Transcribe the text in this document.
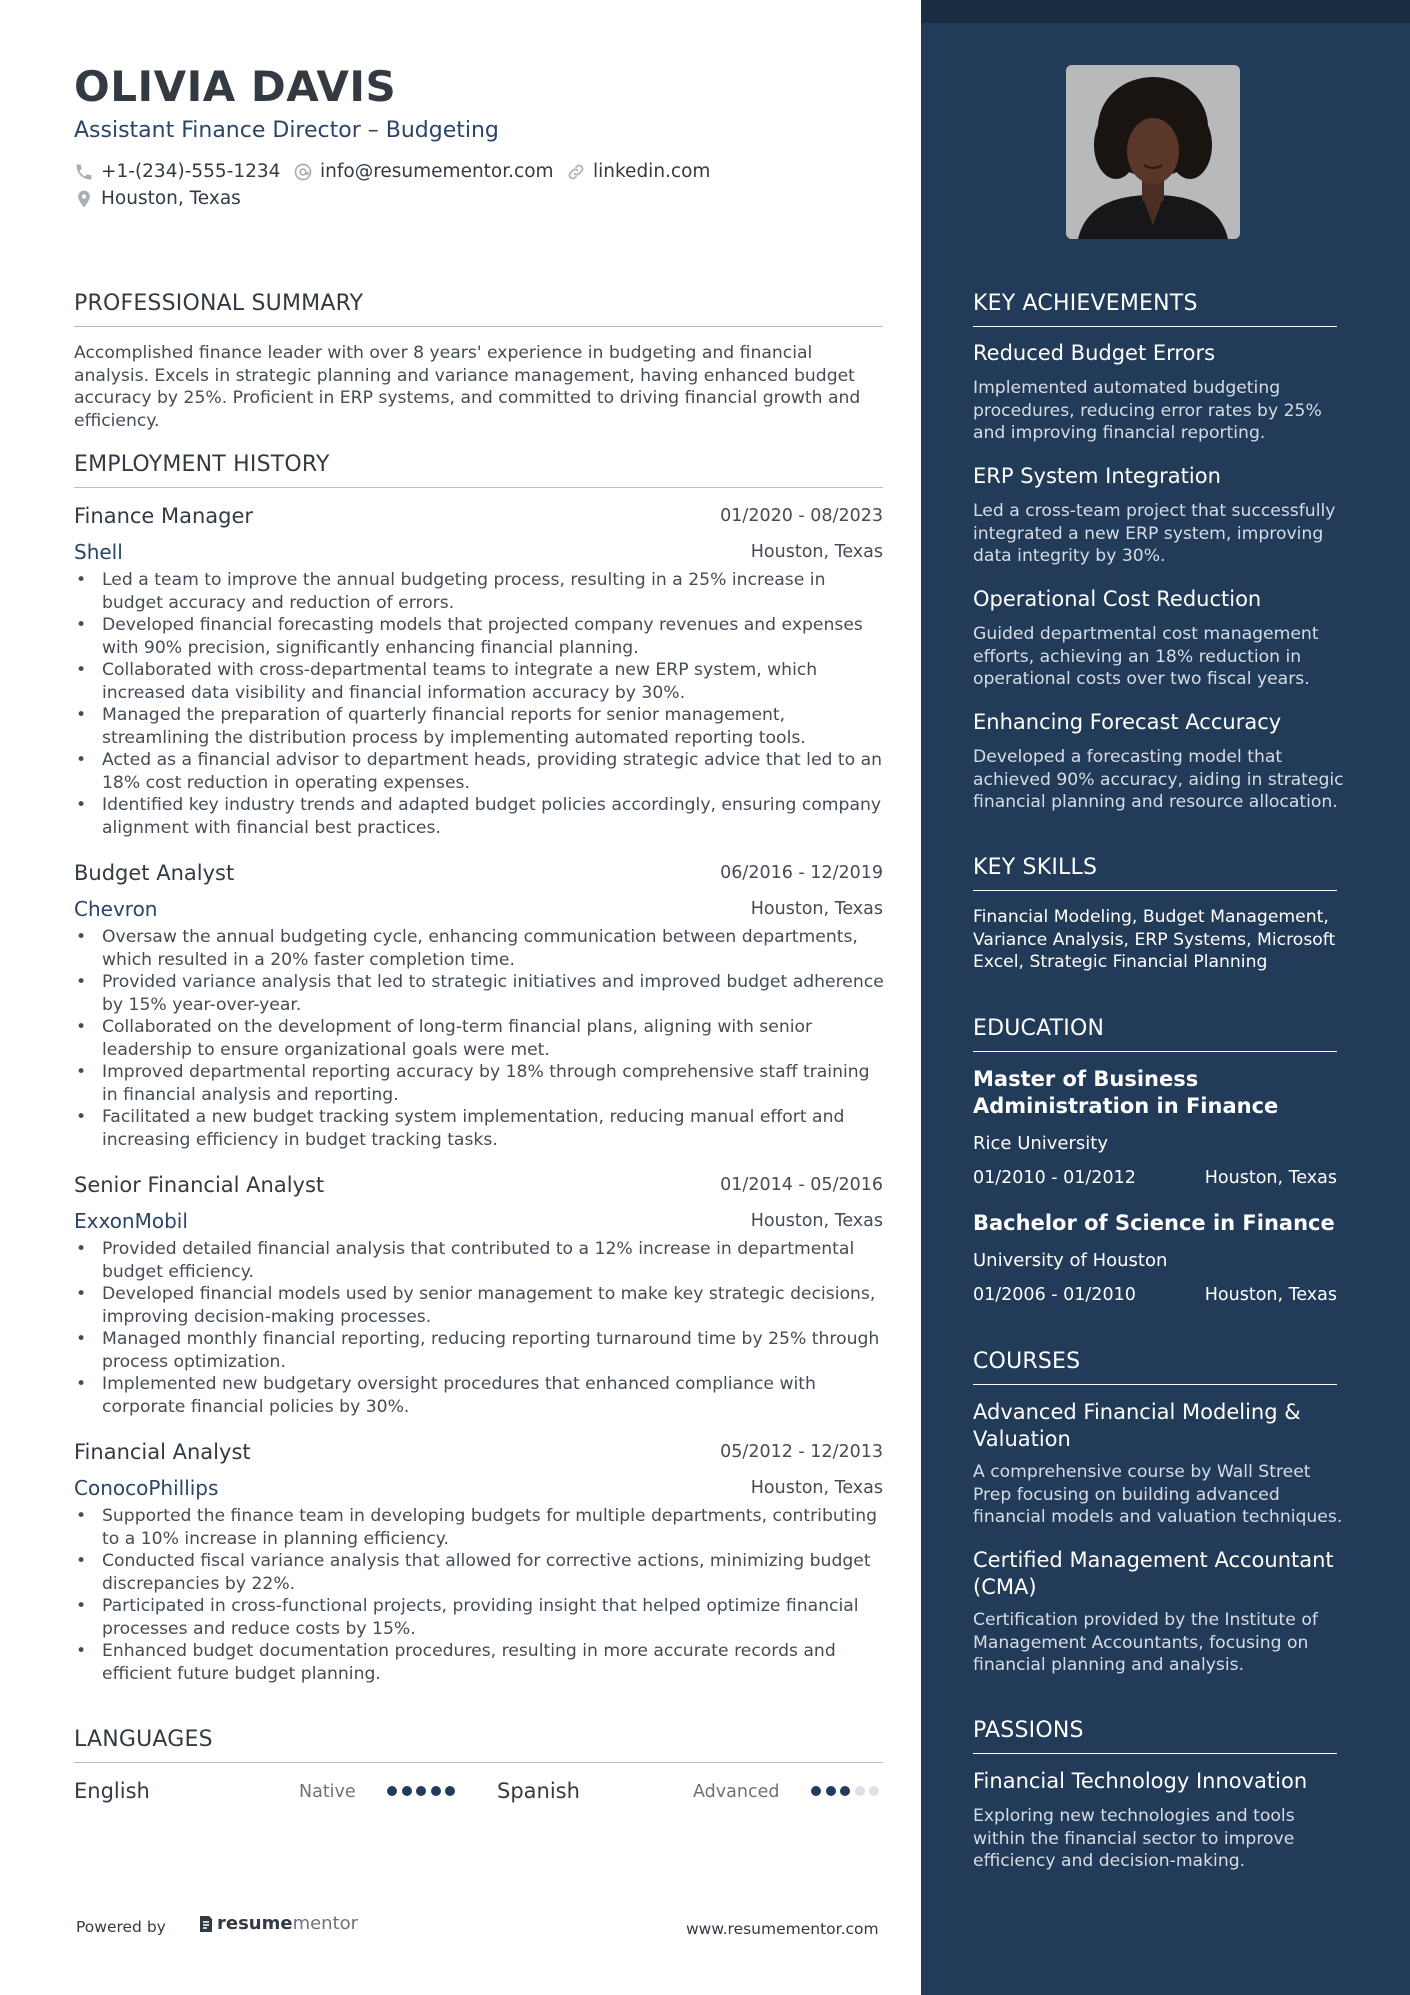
OLIVIA DAVIS
Assistant Finance Director – Budgeting
+1-(234)-555-1234 info@resumementor.com linkedin.com
Houston, Texas
PROFESSIONAL SUMMARY
Accomplished finance leader with over 8 years' experience in budgeting and financial analysis. Excels in strategic planning and variance management, having enhanced budget accuracy by 25%. Proficient in ERP systems, and committed to driving financial growth and efficiency.
EMPLOYMENT HISTORY
Finance Manager	01/2020 - 08/2023
Shell	Houston, Texas
• Led a team to improve the annual budgeting process, resulting in a 25% increase in budget accuracy and reduction of errors.
• Developed financial forecasting models that projected company revenues and expenses with 90% precision, significantly enhancing financial planning.
• Collaborated with cross-departmental teams to integrate a new ERP system, which increased data visibility and financial information accuracy by 30%.
• Managed the preparation of quarterly financial reports for senior management, streamlining the distribution process by implementing automated reporting tools.
• Acted as a financial advisor to department heads, providing strategic advice that led to an 18% cost reduction in operating expenses.
• Identified key industry trends and adapted budget policies accordingly, ensuring company alignment with financial best practices.
Budget Analyst	06/2016 - 12/2019
Chevron	Houston, Texas
• Oversaw the annual budgeting cycle, enhancing communication between departments, which resulted in a 20% faster completion time.
• Provided variance analysis that led to strategic initiatives and improved budget adherence by 15% year-over-year.
• Collaborated on the development of long-term financial plans, aligning with senior leadership to ensure organizational goals were met.
• Improved departmental reporting accuracy by 18% through comprehensive staff training in financial analysis and reporting.
• Facilitated a new budget tracking system implementation, reducing manual effort and increasing efficiency in budget tracking tasks.
Senior Financial Analyst	01/2014 - 05/2016
ExxonMobil	Houston, Texas
• Provided detailed financial analysis that contributed to a 12% increase in departmental budget efficiency.
• Developed financial models used by senior management to make key strategic decisions, improving decision-making processes.
• Managed monthly financial reporting, reducing reporting turnaround time by 25% through process optimization.
• Implemented new budgetary oversight procedures that enhanced compliance with corporate financial policies by 30%.
Financial Analyst	05/2012 - 12/2013
ConocoPhillips	Houston, Texas
• Supported the finance team in developing budgets for multiple departments, contributing to a 10% increase in planning efficiency.
• Conducted fiscal variance analysis that allowed for corrective actions, minimizing budget discrepancies by 22%.
• Participated in cross-functional projects, providing insight that helped optimize financial processes and reduce costs by 15%.
• Enhanced budget documentation procedures, resulting in more accurate records and efficient future budget planning.
LANGUAGES
English	Native	Spanish	Advanced
Powered by	resume mentor	www.resumementor.com
KEY ACHIEVEMENTS
Reduced Budget Errors
Implemented automated budgeting procedures, reducing error rates by 25% and improving financial reporting.
ERP System Integration
Led a cross-team project that successfully integrated a new ERP system, improving data integrity by 30%.
Operational Cost Reduction
Guided departmental cost management efforts, achieving an 18% reduction in operational costs over two fiscal years.
Enhancing Forecast Accuracy
Developed a forecasting model that achieved 90% accuracy, aiding in strategic financial planning and resource allocation.
KEY SKILLS
Financial Modeling, Budget Management, Variance Analysis, ERP Systems, Microsoft Excel, Strategic Financial Planning
EDUCATION
Master of Business Administration in Finance
Rice University
01/2010 - 01/2012	Houston, Texas
Bachelor of Science in Finance
University of Houston
01/2006 - 01/2010	Houston, Texas
COURSES
Advanced Financial Modeling & Valuation
A comprehensive course by Wall Street Prep focusing on building advanced financial models and valuation techniques.
Certified Management Accountant (CMA)
Certification provided by the Institute of Management Accountants, focusing on financial planning and analysis.
PASSIONS
Financial Technology Innovation
Exploring new technologies and tools within the financial sector to improve efficiency and decision-making.
